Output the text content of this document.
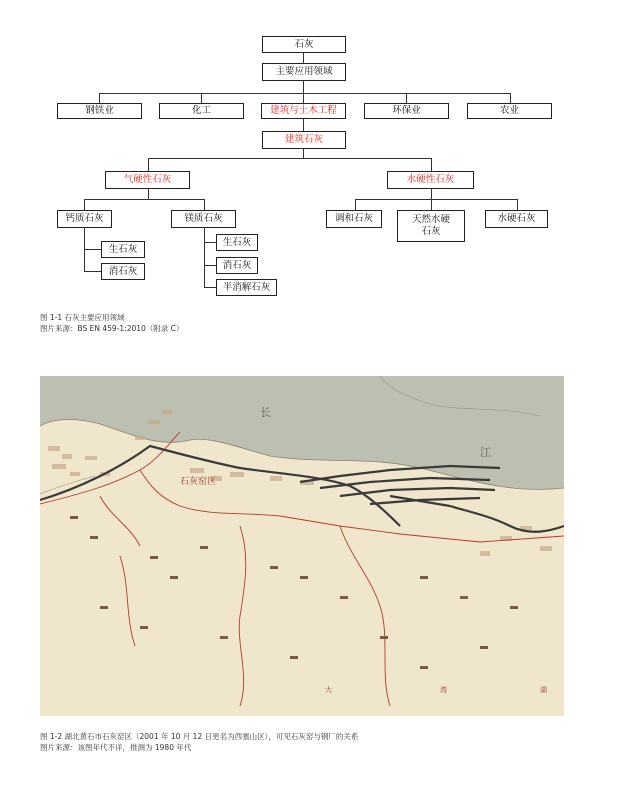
石灰
主要应用领域
钢铁业	化工	建筑与土木工程	环保业	农业
建筑石灰
气硬性石灰	水硬性石灰
钙质石灰	镁质石灰
生石灰
消石灰
生石灰
消石灰
半消解石灰
调和石灰	天然水硬石灰
水硬石灰
图 1-1 石灰主要应用领域
图片来源：BS EN 459-1:2010（附录 C）
长
江
石灰窑区
大	湾	湖
图 1-2 湖北黄石市石灰窑区（2001 年 10 月 12 日更名为西塞山区），可见石灰窑与钢厂的关系
图片来源：该图年代不详，推测为 1980 年代
